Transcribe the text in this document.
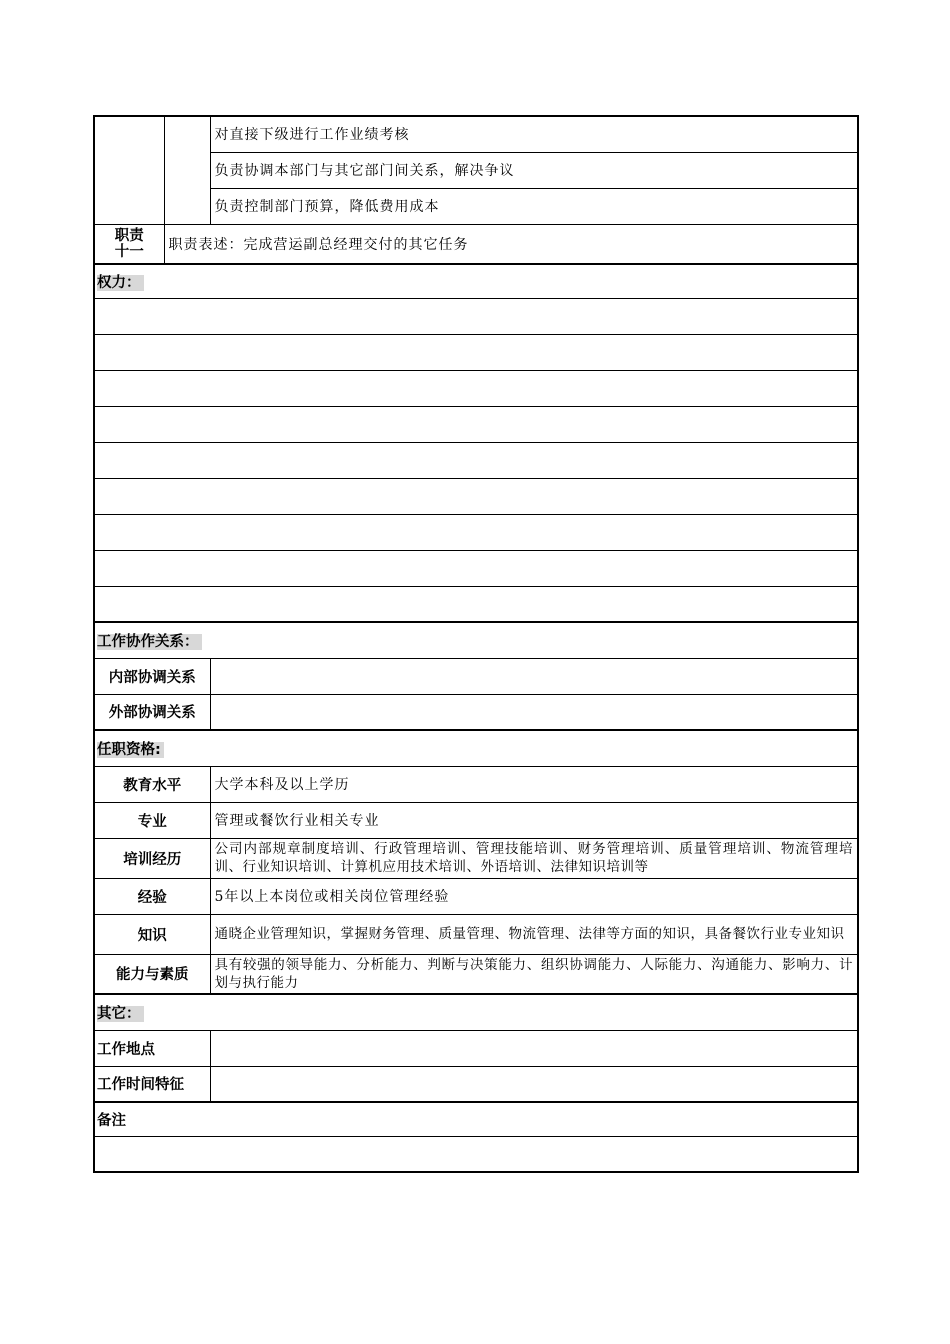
		对直接下级进行工作业绩考核
		负责协调本部门与其它部门间关系，解决争议
		负责控制部门预算，降低费用成本
职责
十一	职责表述：完成营运副总经理交付的其它任务	
权力：		

工作协作关系：		
内部协调关系		
外部协调关系		
任职资格:		
教育水平		大学本科及以上学历
专业		管理或餐饮行业相关专业
培训经历		公司内部规章制度培训、行政管理培训、管理技能培训、财务管理培训、质量管理培训、物流管理培训、行业知识培训、计算机应用技术培训、外语培训、法律知识培训等
经验		5年以上本岗位或相关岗位管理经验
知识		通晓企业管理知识，掌握财务管理、质量管理、物流管理、法律等方面的知识，具备餐饮行业专业知识
能力与素质		具有较强的领导能力、分析能力、判断与决策能力、组织协调能力、人际能力、沟通能力、影响力、计划与执行能力
其它：		
工作地点		
工作时间特征		
备注		
